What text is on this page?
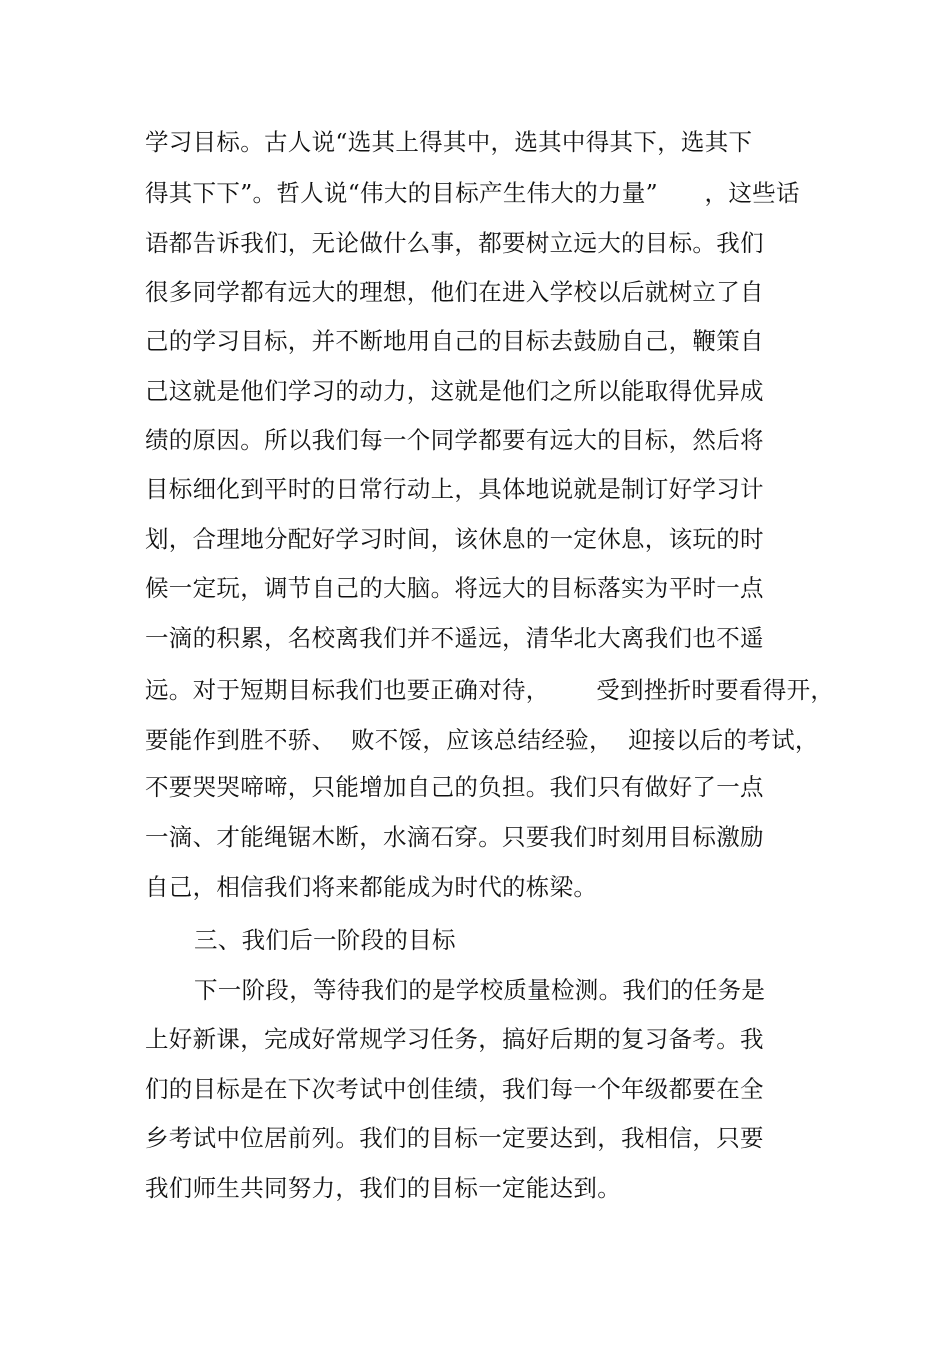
学习目标。古人说“选其上得其中，选其中得其下，选其下
得其下下”。哲人说“伟大的目标产生伟大的力量”      ，这些话
语都告诉我们，无论做什么事，都要树立远大的目标。我们
很多同学都有远大的理想，他们在进入学校以后就树立了自
己的学习目标，并不断地用自己的目标去鼓励自己，鞭策自
己这就是他们学习的动力，这就是他们之所以能取得优异成
绩的原因。所以我们每一个同学都要有远大的目标，然后将
目标细化到平时的日常行动上，具体地说就是制订好学习计
划，合理地分配好学习时间，该休息的一定休息，该玩的时
候一定玩，调节自己的大脑。将远大的目标落实为平时一点
一滴的积累，名校离我们并不遥远，清华北大离我们也不遥
远。对于短期目标我们也要正确对待，      受到挫折时要看得开，
要能作到胜不骄、  败不馁，应该总结经验，  迎接以后的考试，
不要哭哭啼啼，只能增加自己的负担。我们只有做好了一点
一滴、才能绳锯木断，水滴石穿。只要我们时刻用目标激励
自己，相信我们将来都能成为时代的栋梁。
三、我们后一阶段的目标
下一阶段，等待我们的是学校质量检测。我们的任务是
上好新课，完成好常规学习任务，搞好后期的复习备考。我
们的目标是在下次考试中创佳绩，我们每一个年级都要在全
乡考试中位居前列。我们的目标一定要达到，我相信，只要
我们师生共同努力，我们的目标一定能达到。
